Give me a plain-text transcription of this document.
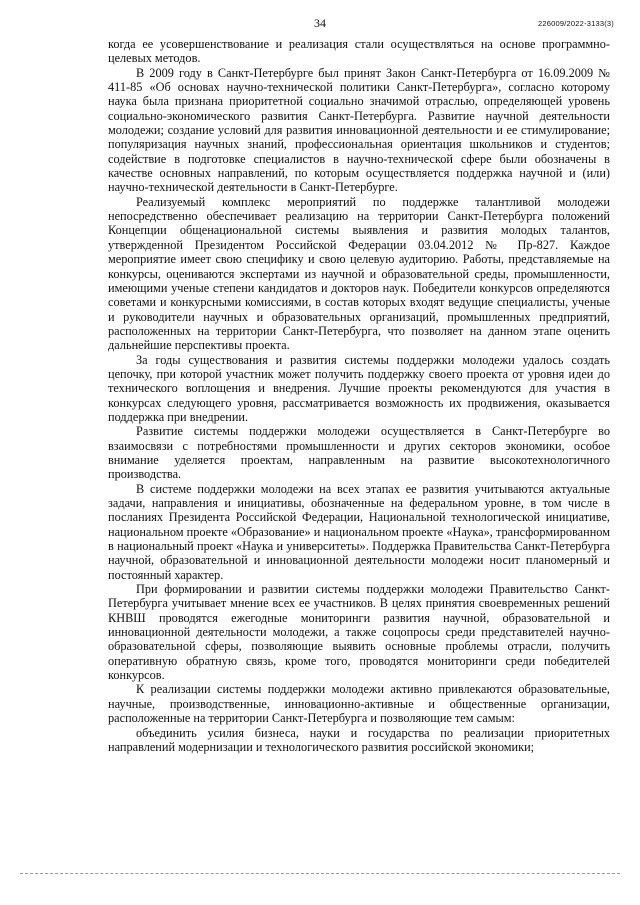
34	226009/2022-3133(3)

когда ее усовершенствование и реализация стали осуществляться на основе программно-целевых методов.

В 2009 году в Санкт-Петербурге был принят Закон Санкт-Петербурга от 16.09.2009 № 411-85 «Об основах научно-технической политики Санкт-Петербурга», согласно которому наука была признана приоритетной социально значимой отраслью, определяющей уровень социально-экономического развития Санкт-Петербурга. Развитие научной деятельности молодежи; создание условий для развития инновационной деятельности и ее стимулирование; популяризация научных знаний, профессиональная ориентация школьников и студентов; содействие в подготовке специалистов в научно-технической сфере были обозначены в качестве основных направлений, по которым осуществляется поддержка научной и (или) научно-технической деятельности в Санкт-Петербурге.

Реализуемый комплекс мероприятий по поддержке талантливой молодежи непосредственно обеспечивает реализацию на территории Санкт-Петербурга положений Концепции общенациональной системы выявления и развития молодых талантов, утвержденной Президентом Российской Федерации 03.04.2012 № Пр-827. Каждое мероприятие имеет свою специфику и свою целевую аудиторию. Работы, представляемые на конкурсы, оцениваются экспертами из научной и образовательной среды, промышленности, имеющими ученые степени кандидатов и докторов наук. Победители конкурсов определяются советами и конкурсными комиссиями, в состав которых входят ведущие специалисты, ученые и руководители научных и образовательных организаций, промышленных предприятий, расположенных на территории Санкт-Петербурга, что позволяет на данном этапе оценить дальнейшие перспективы проекта.

За годы существования и развития системы поддержки молодежи удалось создать цепочку, при которой участник может получить поддержку своего проекта от уровня идеи до технического воплощения и внедрения. Лучшие проекты рекомендуются для участия в конкурсах следующего уровня, рассматривается возможность их продвижения, оказывается поддержка при внедрении.

Развитие системы поддержки молодежи осуществляется в Санкт-Петербурге во взаимосвязи с потребностями промышленности и других секторов экономики, особое внимание уделяется проектам, направленным на развитие высокотехнологичного производства.

В системе поддержки молодежи на всех этапах ее развития учитываются актуальные задачи, направления и инициативы, обозначенные на федеральном уровне, в том числе в посланиях Президента Российской Федерации, Национальной технологической инициативе, национальном проекте «Образование» и национальном проекте «Наука», трансформированном в национальный проект «Наука и университеты». Поддержка Правительства Санкт-Петербурга научной, образовательной и инновационной деятельности молодежи носит планомерный и постоянный характер.

При формировании и развитии системы поддержки молодежи Правительство Санкт-Петербурга учитывает мнение всех ее участников. В целях принятия своевременных решений КНВШ проводятся ежегодные мониторинги развития научной, образовательной и инновационной деятельности молодежи, а также соцопросы среди представителей научно-образовательной сферы, позволяющие выявить основные проблемы отрасли, получить оперативную обратную связь, кроме того, проводятся мониторинги среди победителей конкурсов.

К реализации системы поддержки молодежи активно привлекаются образовательные, научные, производственные, инновационно-активные и общественные организации, расположенные на территории Санкт-Петербурга и позволяющие тем самым:

объединить усилия бизнеса, науки и государства по реализации приоритетных направлений модернизации и технологического развития российской экономики;
